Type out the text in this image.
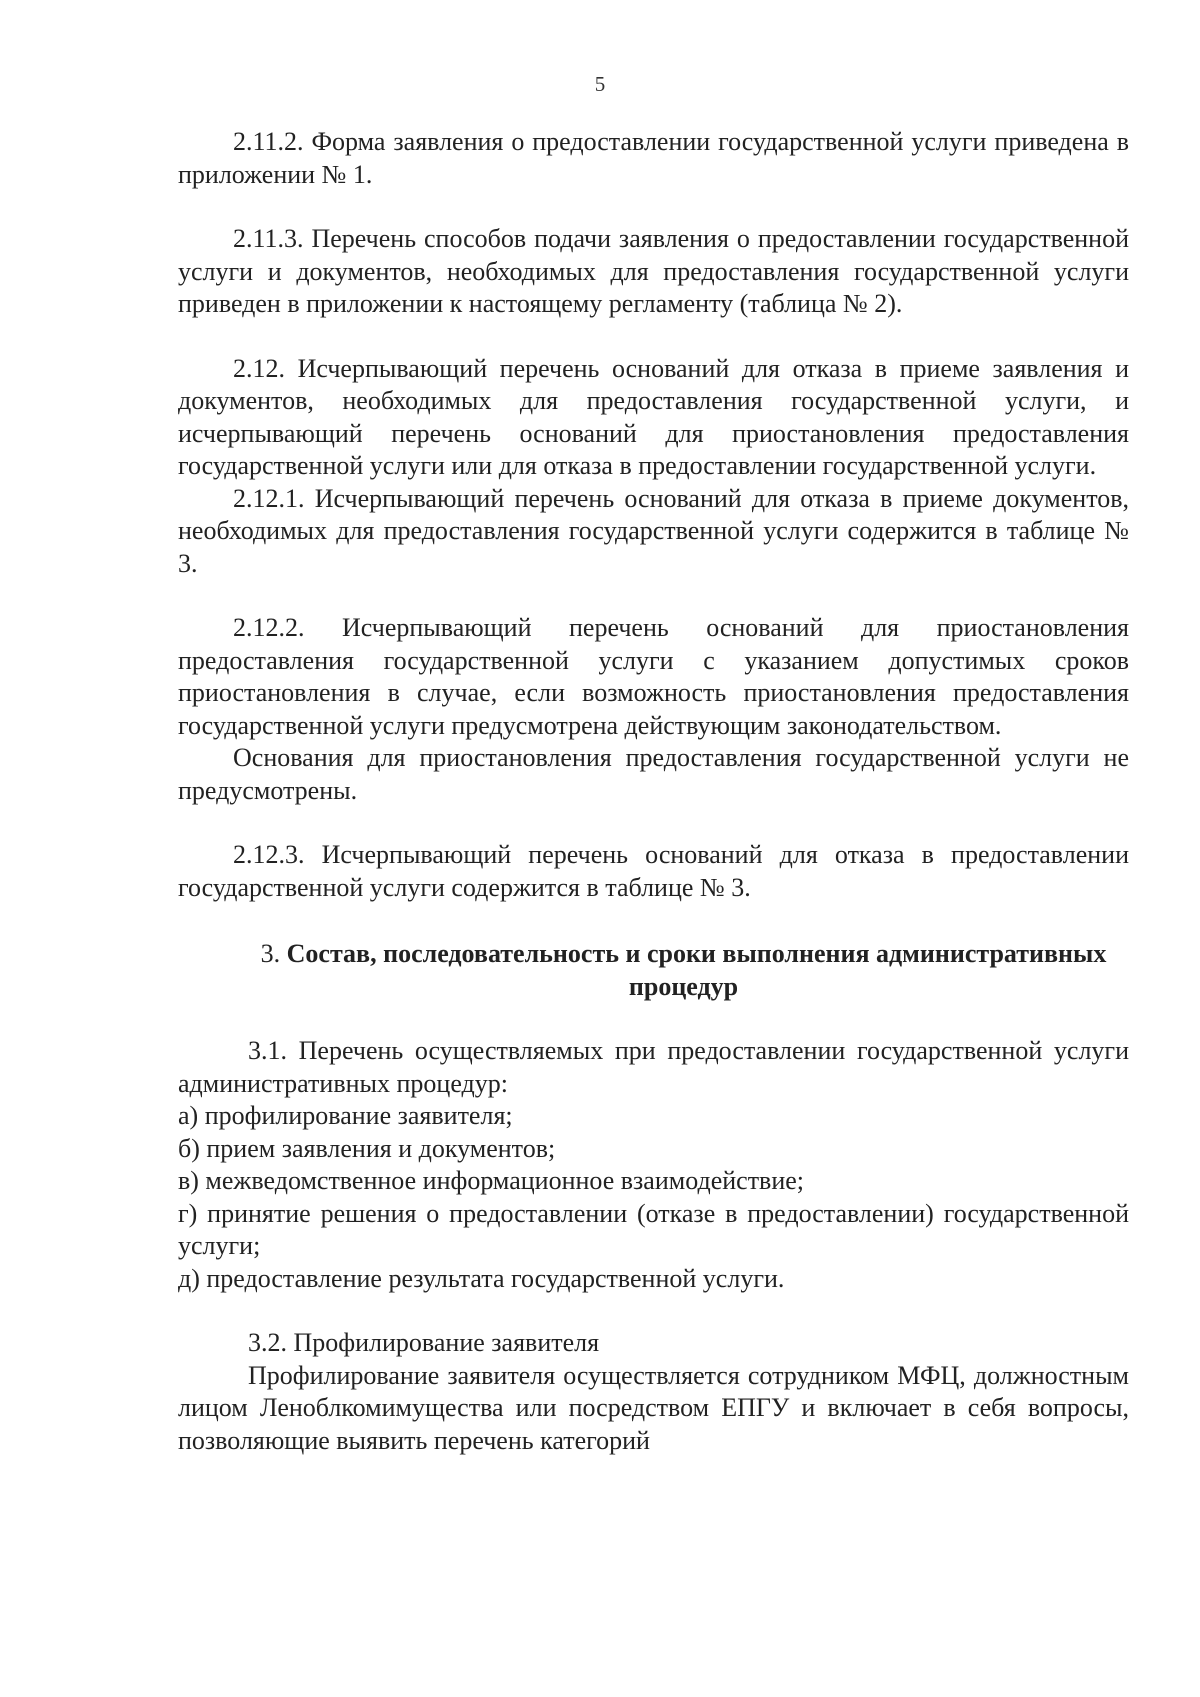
5

2.11.2. Форма заявления о предоставлении государственной услуги приведена в приложении № 1.

2.11.3. Перечень способов подачи заявления о предоставлении государственной услуги и документов, необходимых для предоставления государственной услуги приведен в приложении к настоящему регламенту (таблица № 2).

2.12. Исчерпывающий перечень оснований для отказа в приеме заявления и документов, необходимых для предоставления государственной услуги, и исчерпывающий перечень оснований для приостановления предоставления государственной услуги или для отказа в предоставлении государственной услуги.

2.12.1. Исчерпывающий перечень оснований для отказа в приеме документов, необходимых для предоставления государственной услуги содержится в таблице № 3.

2.12.2. Исчерпывающий перечень оснований для приостановления предоставления государственной услуги с указанием допустимых сроков приостановления в случае, если возможность приостановления предоставления государственной услуги предусмотрена действующим законодательством.

Основания для приостановления предоставления государственной услуги не предусмотрены.

2.12.3. Исчерпывающий перечень оснований для отказа в предоставлении государственной услуги содержится в таблице № 3.

3. Состав, последовательность и сроки выполнения административных процедур

3.1. Перечень осуществляемых при предоставлении государственной услуги административных процедур:

а) профилирование заявителя;

б) прием заявления и документов;

в) межведомственное информационное взаимодействие;

г) принятие решения о предоставлении (отказе в предоставлении) государственной услуги;

д) предоставление результата государственной услуги.

3.2. Профилирование заявителя

Профилирование заявителя осуществляется сотрудником МФЦ, должностным лицом Леноблкомимущества или посредством ЕПГУ и включает в себя вопросы, позволяющие выявить перечень категорий
